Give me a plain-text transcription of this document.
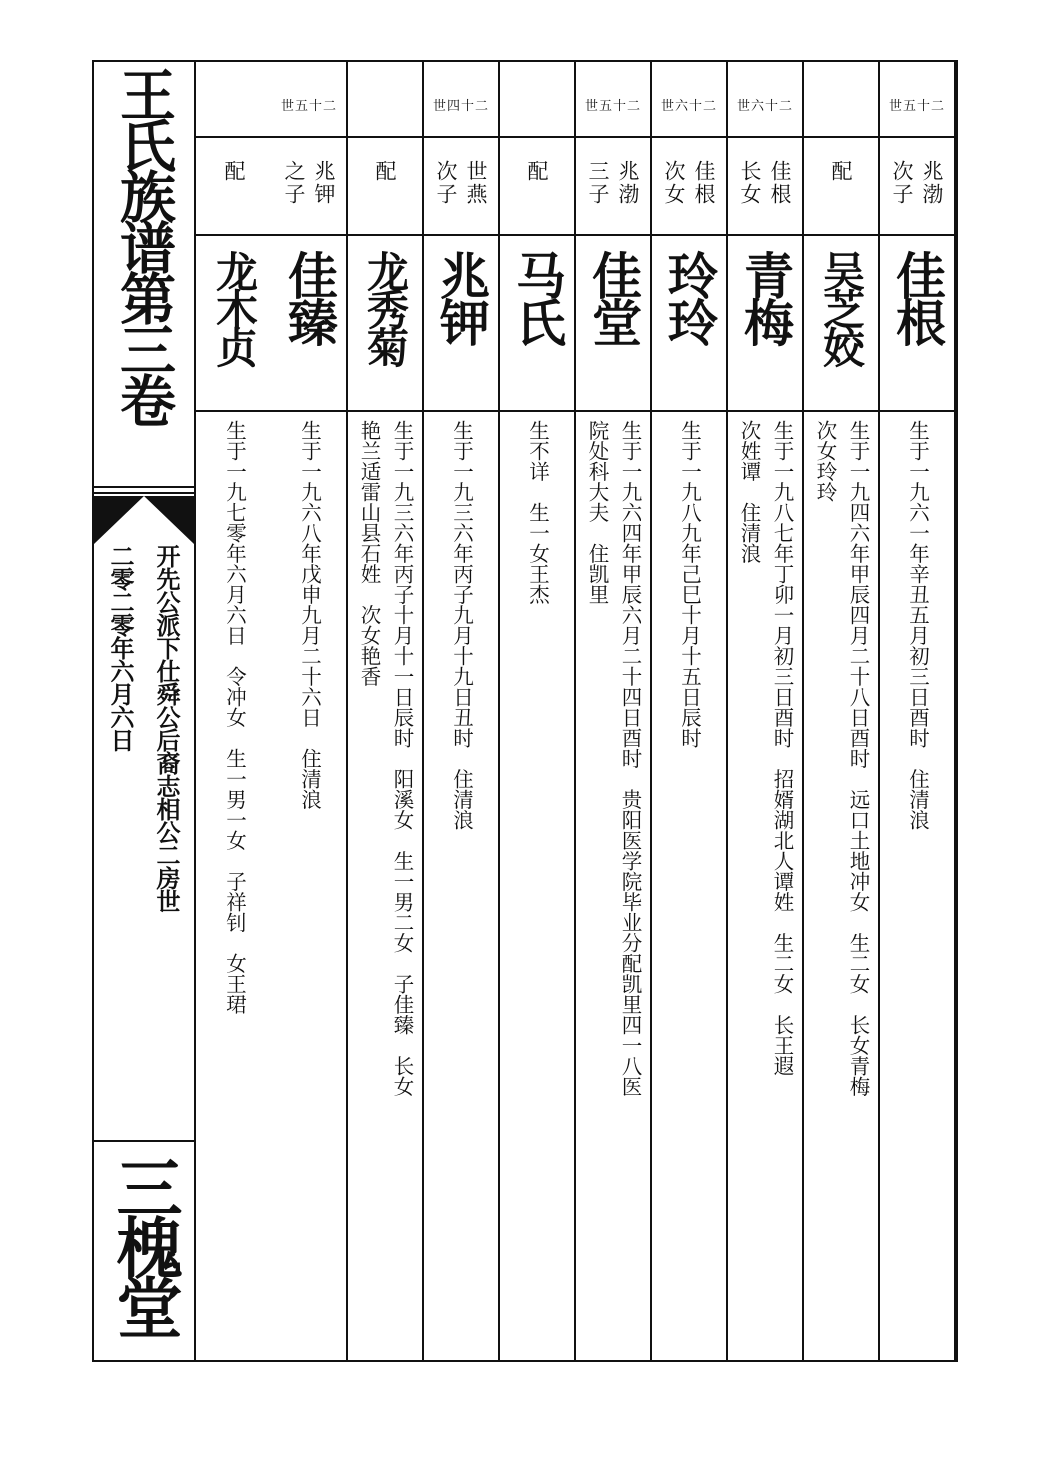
王氏族谱第三卷
开先公派下仕舜公后裔志相公二房世
二零二零年六月六日
三槐堂
世五十二
兆渤
次子
佳根
生于一九六一年辛丑五月初三日酉时　住清浪
配
吴芝姣
生于一九四六年甲辰四月二十八日酉时　远口土地冲女　生二女　长女青梅
次女玲玲
世六十二
佳根
长女
青梅
生于一九八七年丁卯一月初三日酉时　招婿湖北人谭姓　生二女　长王遐
次姓谭　住清浪
世六十二
佳根
次女
玲玲
生于一九八九年己巳十月十五日辰时
世五十二
兆渤
三子
佳堂
生于一九六四年甲辰六月二十四日酉时　贵阳医学院毕业分配凯里四一八医
院处科大夫　住凯里
配
马氏
生不详　生一女王杰
世四十二
世燕
次子
兆钾
生于一九三六年丙子九月十九日丑时　住清浪
配
龙秀菊
生于一九三六年丙子十月十一日辰时　阳溪女　生一男二女　子佳臻　长女
艳兰适雷山县石姓　次女艳香
世五十二
兆钾
之子
佳臻
生于一九六八年戊申九月二十六日　住清浪
配
龙木贞
生于一九七零年六月六日　令冲女　生一男一女　子祥钊　女王珺
